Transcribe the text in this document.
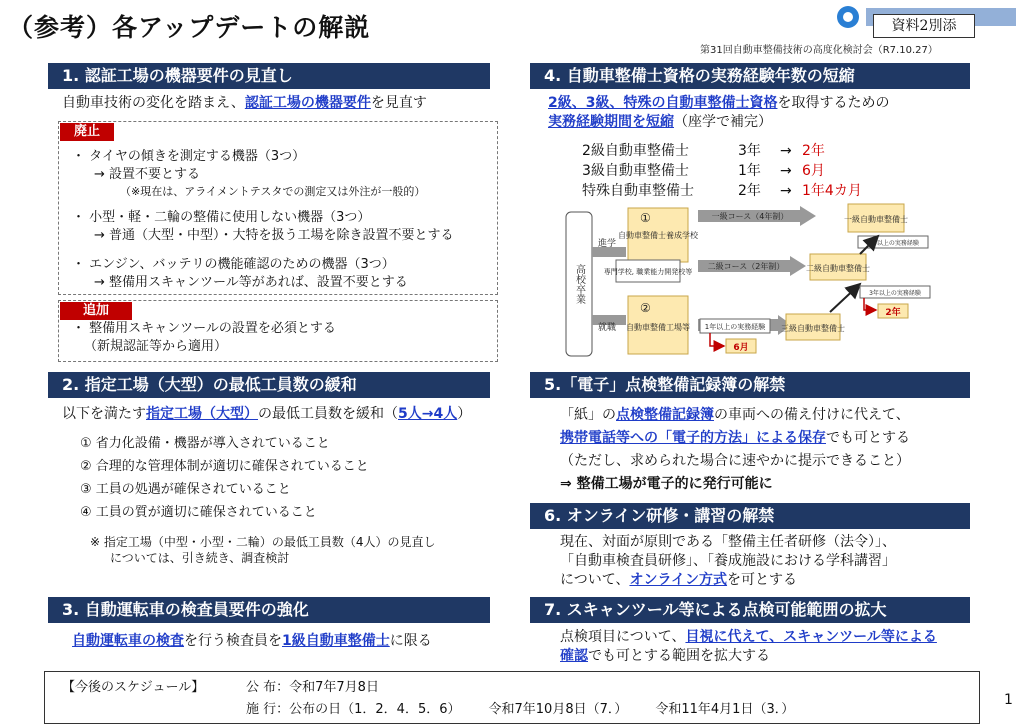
（参考）各アップデートの解説	資料2別添
第31回自動車整備技術の高度化検討会（R7.10.27）
1. 認証工場の機器要件の見直し
自動車技術の変化を踏まえ、認証工場の機器要件を見直す
廃止
・ タイヤの傾きを測定する機器（3つ）
→ 設置不要とする
（※現在は、アライメントテスタでの測定又は外注が一般的）
・ 小型・軽・二輪の整備に使用しない機器（3つ）
→ 普通（大型・中型）・大特を扱う工場を除き設置不要とする
・ エンジン、バッテリの機能確認のための機器（3つ）
→ 整備用スキャンツール等があれば、設置不要とする
追加
・ 整備用スキャンツールの設置を必須とする
（新規認証等から適用）
2. 指定工場（大型）の最低工員数の緩和
以下を満たす指定工場（大型）の最低工員数を緩和（5人→4人）
① 省力化設備・機器が導入されていること
② 合理的な管理体制が適切に確保されていること
③ 工員の処遇が確保されていること
④ 工員の質が適切に確保されていること
※ 指定工場（中型・小型・二輪）の最低工員数（4人）の見直し
については、引き続き、調査検討
3. 自動運転車の検査員要件の強化
自動運転車の検査を行う検査員を1級自動車整備士に限る
4. 自動車整備士資格の実務経験年数の短縮
2級、3級、特殊の自動車整備士資格を取得するための
実務経験期間を短縮（座学で補完）
2級自動車整備士	3年 → 2年
3級自動車整備士	1年 → 6月
特殊自動車整備士	2年 → 1年4カ月
高校卒業
進学
就職
①
自動車整備士養成学校
専門学校, 職業能力開発校等
②
自動車整備工場等
一級コース（4年制）
二級コース（2年制）
1年以上の実務経験
6月
三級自動車整備士
二級自動車整備士
一級自動車整備士
3年以上の実務経験
3年以上の実務経験
2年
5.「電子」点検整備記録簿の解禁
「紙」の点検整備記録簿の車両への備え付けに代えて、
携帯電話等への「電子的方法」による保存でも可とする
（ただし、求められた場合に速やかに提示できること）
⇒ 整備工場が電子的に発行可能に
6. オンライン研修・講習の解禁
現在、対面が原則である「整備主任者研修（法令）」、
「自動車検査員研修」、「養成施設における学科講習」
について、オンライン方式を可とする
7. スキャンツール等による点検可能範囲の拡大
点検項目について、目視に代えて、スキャンツール等による
確認でも可とする範囲を拡大する
【今後のスケジュール】	公 布：令和7年7月8日
施 行：公布の日（1．2．4．5．6） 令和7年10月8日（7．） 令和11年4月1日（3．）
1
